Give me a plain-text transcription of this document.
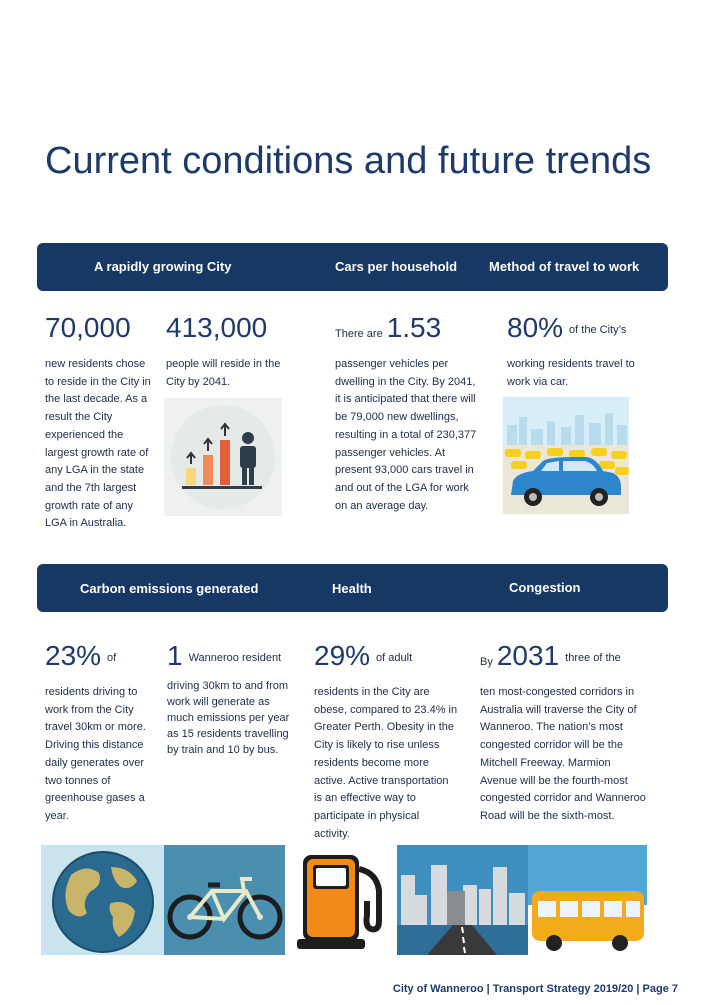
Current conditions and future trends
A rapidly growing City	Cars per household Method of travel to work
70,000
new residents chose to reside in the City in the last decade. As a result the City experienced the largest growth rate of any LGA in the state and the 7th largest growth rate of any LGA in Australia.
413,000
people will reside in the City by 2041.
There are 1.53
passenger vehicles per dwelling in the City. By 2041, it is anticipated that there will be 79,000 new dwellings, resulting in a total of 230,377 passenger vehicles. At present 93,000 cars travel in and out of the LGA for work on an average day.
80% of the City’s
working residents travel to work via car.
Carbon emissions generated	Health	Congestion
23% of
residents driving to work from the City travel 30km or more. Driving this distance daily generates over two tonnes of greenhouse gases a year.
1 Wanneroo resident
driving 30km to and from work will generate as much emissions per year as 15 residents travelling by train and 10 by bus.
29% of adult
residents in the City are obese, compared to 23.4% in Greater Perth. Obesity in the City is likely to rise unless residents become more active. Active transportation is an effective way to participate in physical activity.
By 2031 three of the
ten most-congested corridors in Australia will traverse the City of Wanneroo. The nation’s most congested corridor will be the Mitchell Freeway. Marmion Avenue will be the fourth-most congested corridor and Wanneroo Road will be the sixth-most.
City of Wanneroo | Transport Strategy 2019/20 | Page 7
